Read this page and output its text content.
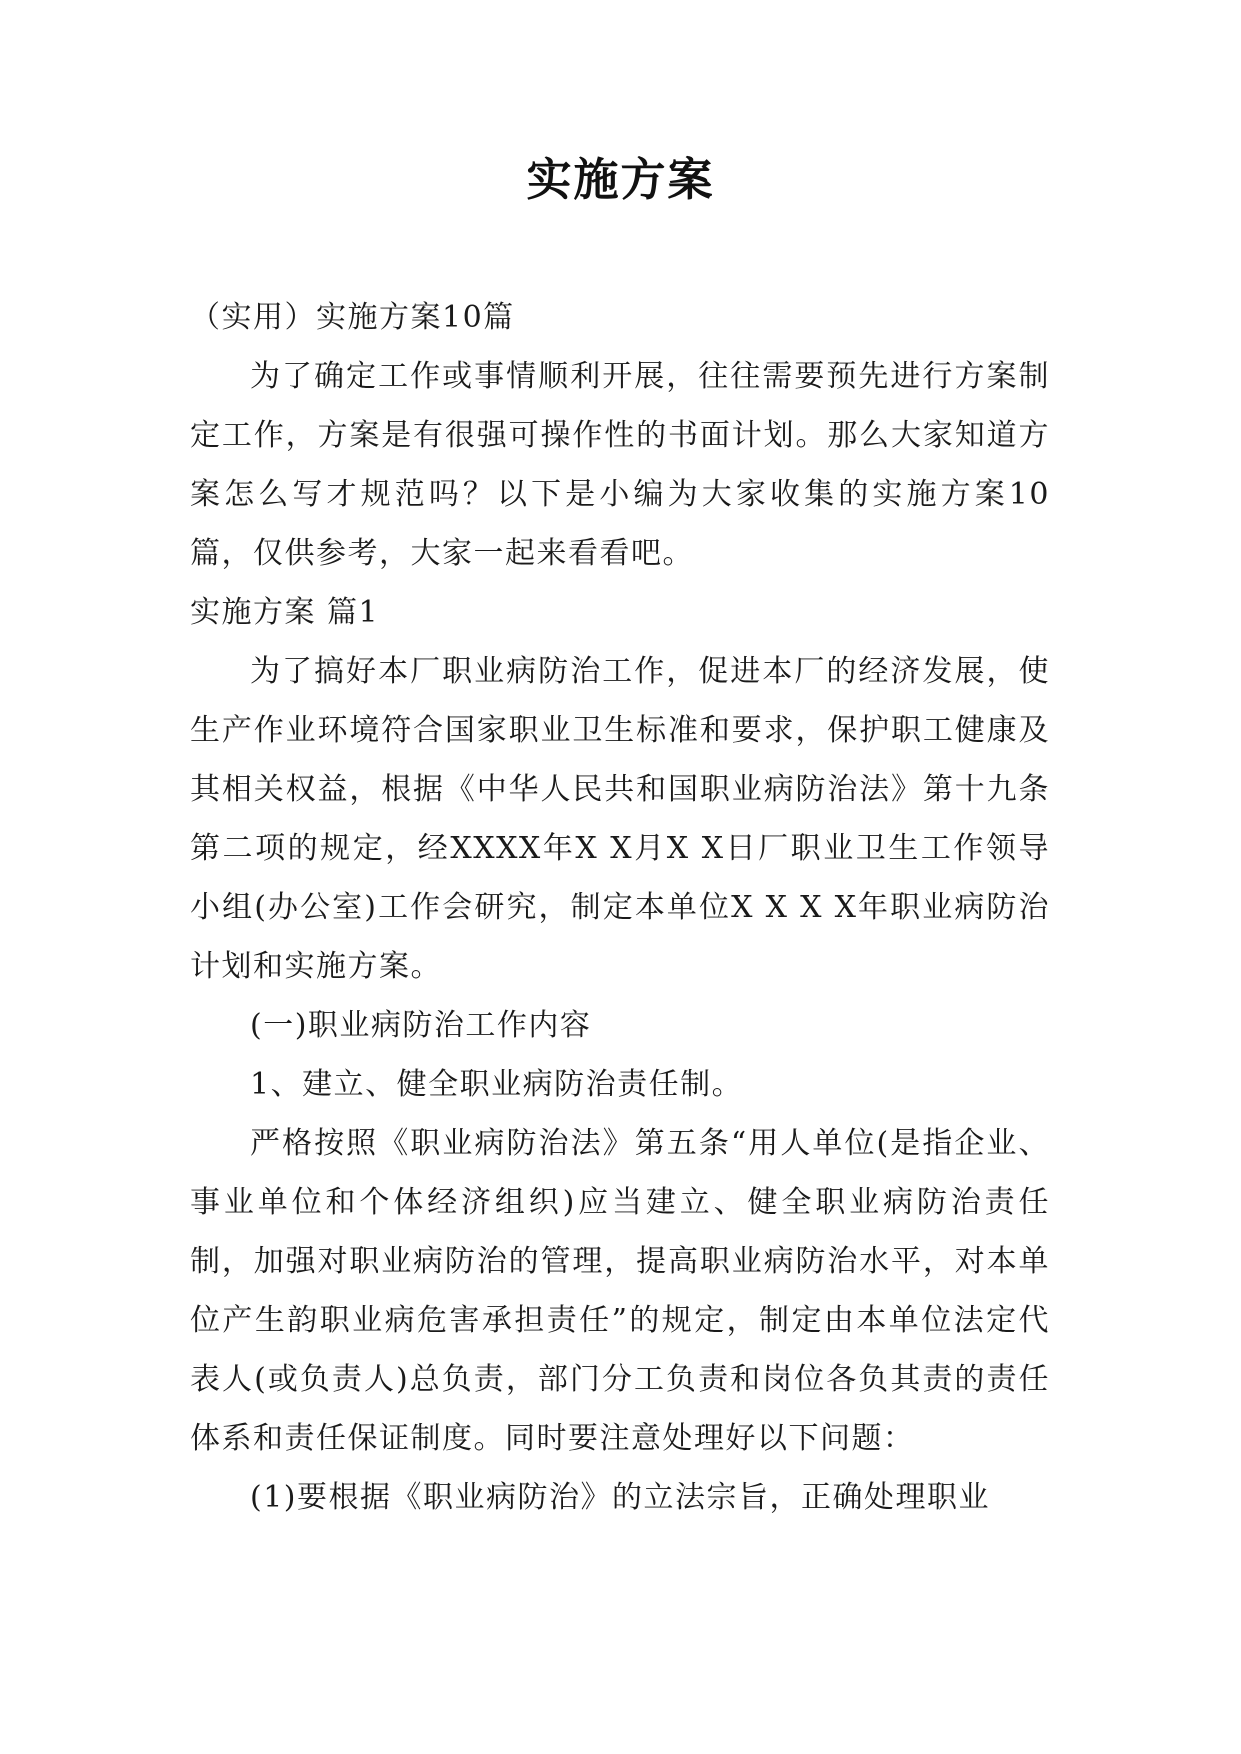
实施方案

（实用）实施方案10篇

为了确定工作或事情顺利开展，往往需要预先进行方案制定工作，方案是有很强可操作性的书面计划。那么大家知道方案怎么写才规范吗？以下是小编为大家收集的实施方案10篇，仅供参考，大家一起来看看吧。

实施方案 篇1

为了搞好本厂职业病防治工作，促进本厂的经济发展，使生产作业环境符合国家职业卫生标准和要求，保护职工健康及其相关权益，根据《中华人民共和国职业病防治法》第十九条第二项的规定，经XXXX年X X月X X日厂职业卫生工作领导小组(办公室)工作会研究，制定本单位X X X X年职业病防治计划和实施方案。

(一)职业病防治工作内容

1、建立、健全职业病防治责任制。

严格按照《职业病防治法》第五条“用人单位(是指企业、事业单位和个体经济组织)应当建立、健全职业病防治责任制，加强对职业病防治的管理，提高职业病防治水平，对本单位产生韵职业病危害承担责任”的规定，制定由本单位法定代表人(或负责人)总负责，部门分工负责和岗位各负其责的责任体系和责任保证制度。同时要注意处理好以下问题：

(1)要根据《职业病防治》的立法宗旨，正确处理职业
